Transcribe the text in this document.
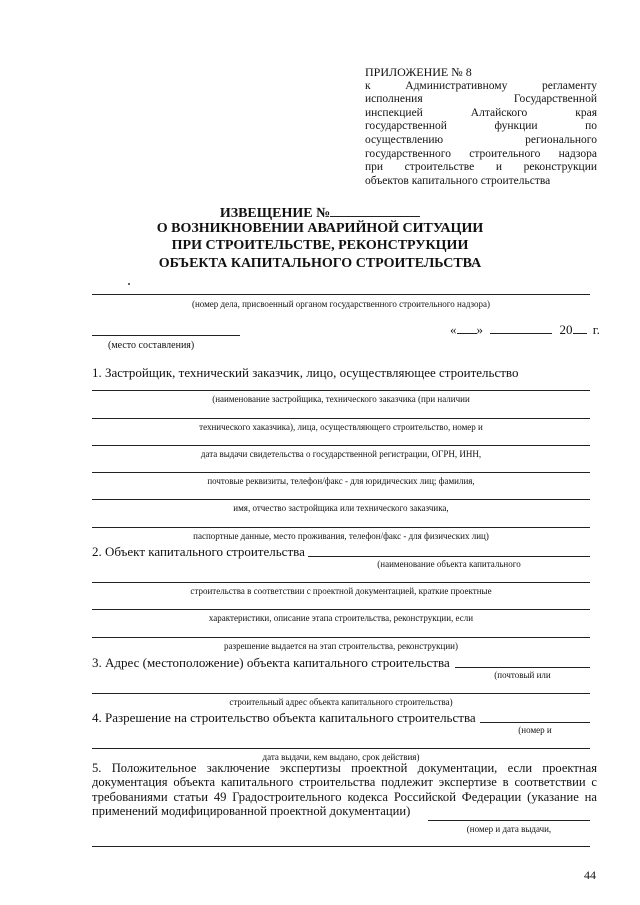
ПРИЛОЖЕНИЕ № 8
к Административному регламенту
исполнения Государственной
инспекцией Алтайского края
государственной функции по
осуществлению регионального
государственного строительного надзора
при строительстве и реконструкции
объектов капитального строительства
ИЗВЕЩЕНИЕ №
О ВОЗНИКНОВЕНИИ АВАРИЙНОЙ СИТУАЦИИ
ПРИ СТРОИТЕЛЬСТВЕ, РЕКОНСТРУКЦИИ
ОБЪЕКТА КАПИТАЛЬНОГО СТРОИТЕЛЬСТВА
(номер дела, присвоенный органом государственного строительного надзора)
(место составления)
« »	20 г.
1. Застройщик, технический заказчик, лицо, осуществляющее строительство
(наименование застройщика, технического заказчика (при наличии
технического хаказчика), лица, осуществляющего строительство, номер и
дата выдачи свидетельства о государственной регистрации, ОГРН, ИНН,
почтовые реквизиты, телефон/факс - для юридических лиц; фамилия,
имя, отчество застройщика или технического заказчика,
паспортные данные, место проживания, телефон/факс - для физических лиц)
2. Объект капитального строительства
(наименование объекта капитального
строительства в соответствии с проектной документацией, краткие проектные
характеристики, описание этапа строительства, реконструкции, если
разрешение выдается на этап строительства, реконструкции)
3. Адрес (местоположение) объекта капитального строительства
(почтовый или
строительный адрес объекта капитального строительства)
4. Разрешение на строительство объекта капитального строительства
(номер и
дата выдачи, кем выдано, срок действия)
5. Положительное заключение экспертизы проектной документации, если проектная
документация объекта капитального строительства подлежит экспертизе в соответствии с
требованиями статьи 49 Градостроительного кодекса Российской Федерации (указание на
применений модифицированной проектной документации)
(номер и дата выдачи,
44
